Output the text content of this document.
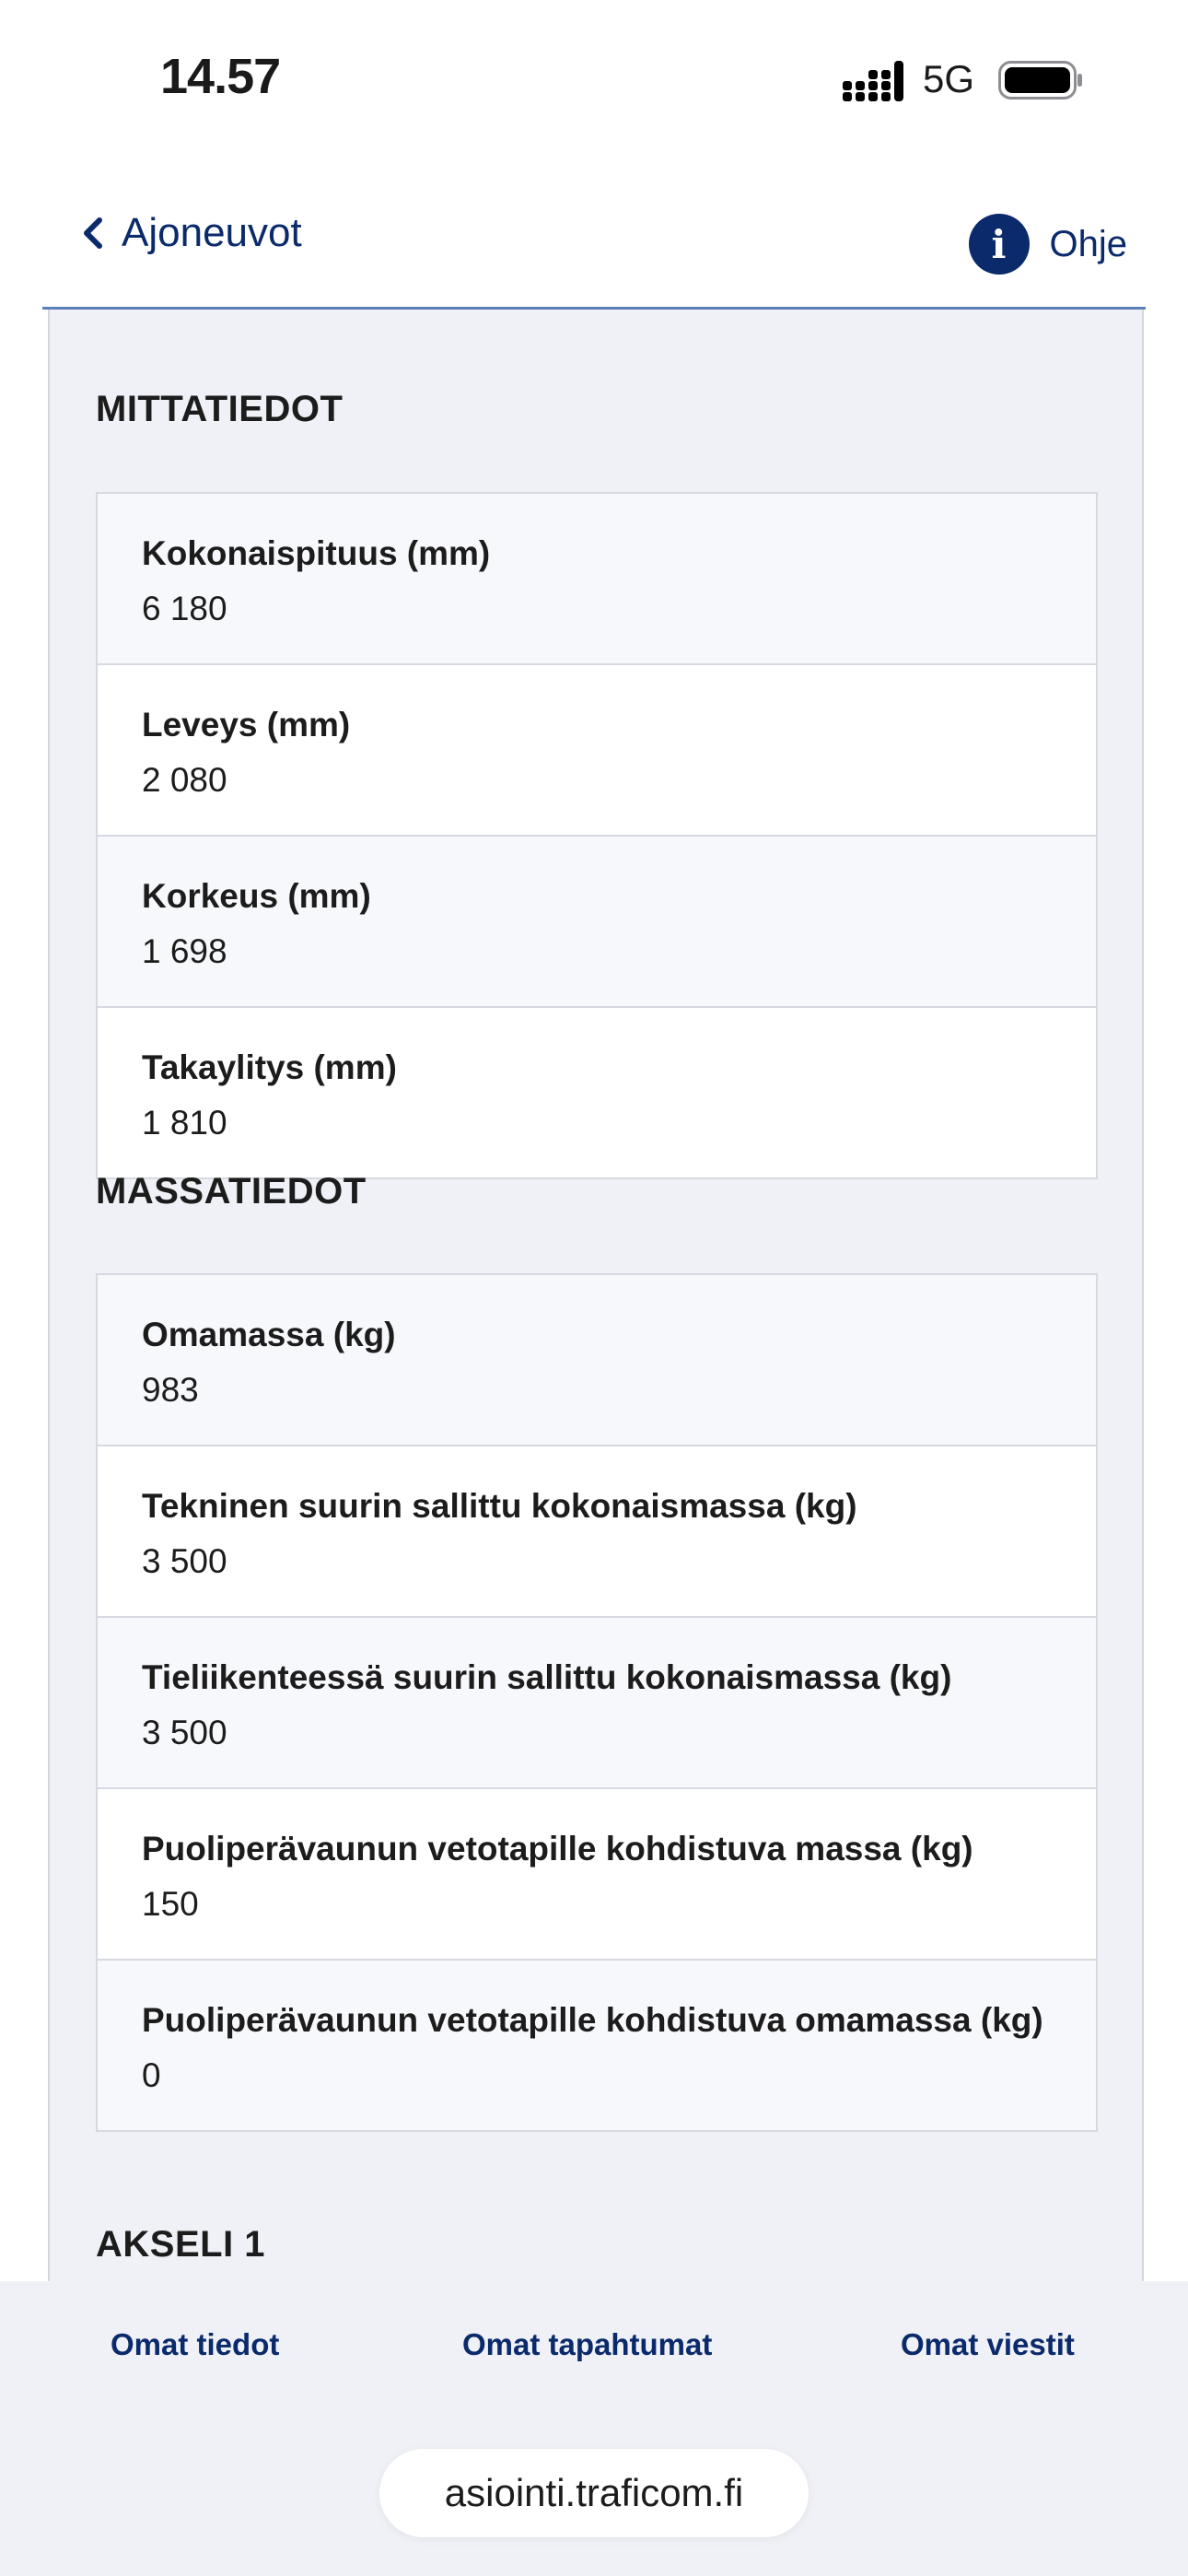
14.57	5G
Ajoneuvot	i	Ohje
MITTATIEDOT
Kokonaispituus (mm)
6 180
Leveys (mm)
2 080
Korkeus (mm)
1 698
Takaylitys (mm)
1 810
MASSATIEDOT
Omamassa (kg)
983
Tekninen suurin sallittu kokonaismassa (kg)
3 500
Tieliikenteessä suurin sallittu kokonaismassa (kg)
3 500
Puoliperävaunun vetotapille kohdistuva massa (kg)
150
Puoliperävaunun vetotapille kohdistuva omamassa (kg)
0
AKSELI 1
Omat tiedot	Omat tapahtumat	Omat viestit
asiointi.traficom.fi
